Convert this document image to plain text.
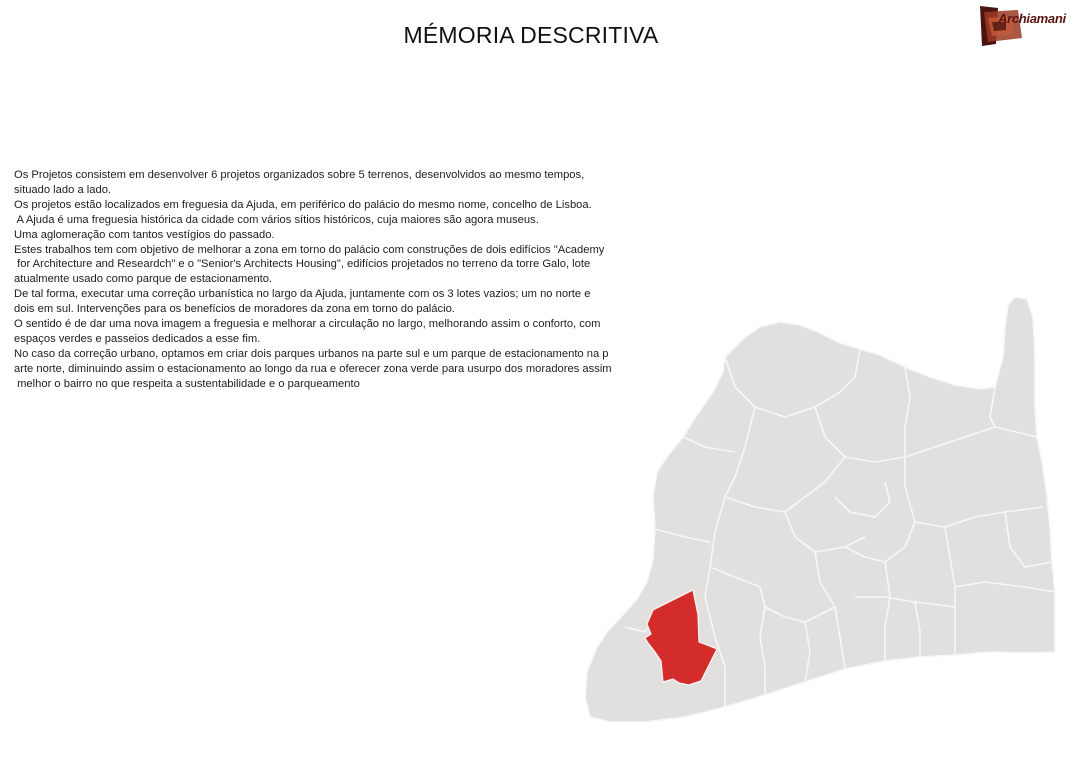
MÉMORIA DESCRITIVA
Archiamani
Os Projetos consistem em desenvolver 6 projetos organizados sobre 5 terrenos, desenvolvidos ao mesmo tempos,
situado lado a lado.
Os projetos estão localizados em freguesia da Ajuda, em periférico do palácio do mesmo nome, concelho de Lisboa.
A Ajuda é uma freguesia histórica da cidade com vários sítios históricos, cuja maiores são agora museus.
Uma aglomeração com tantos vestígios do passado.
Estes trabalhos tem com objetivo de melhorar a zona em torno do palácio com construções de dois edifícios "Academy
for Architecture and Researdch" e o "Senior's Architects Housing", edifícios projetados no terreno da torre Galo, lote
atualmente usado como parque de estacionamento.
De tal forma, executar uma correção urbanística no largo da Ajuda, juntamente com os 3 lotes vazios; um no norte e
dois em sul. Intervenções para os benefícios de moradores da zona em torno do palácio.
O sentido é de dar uma nova imagem a freguesia e melhorar a circulação no largo, melhorando assim o conforto, com
espaços verdes e passeios dedicados a esse fim.
No caso da correção urbano, optamos em criar dois parques urbanos na parte sul e um parque de estacionamento na p
arte norte, diminuindo assim o estacionamento ao longo da rua e oferecer zona verde para usurpo dos moradores assim
melhor o bairro no que respeita a sustentabilidade e o parqueamento
